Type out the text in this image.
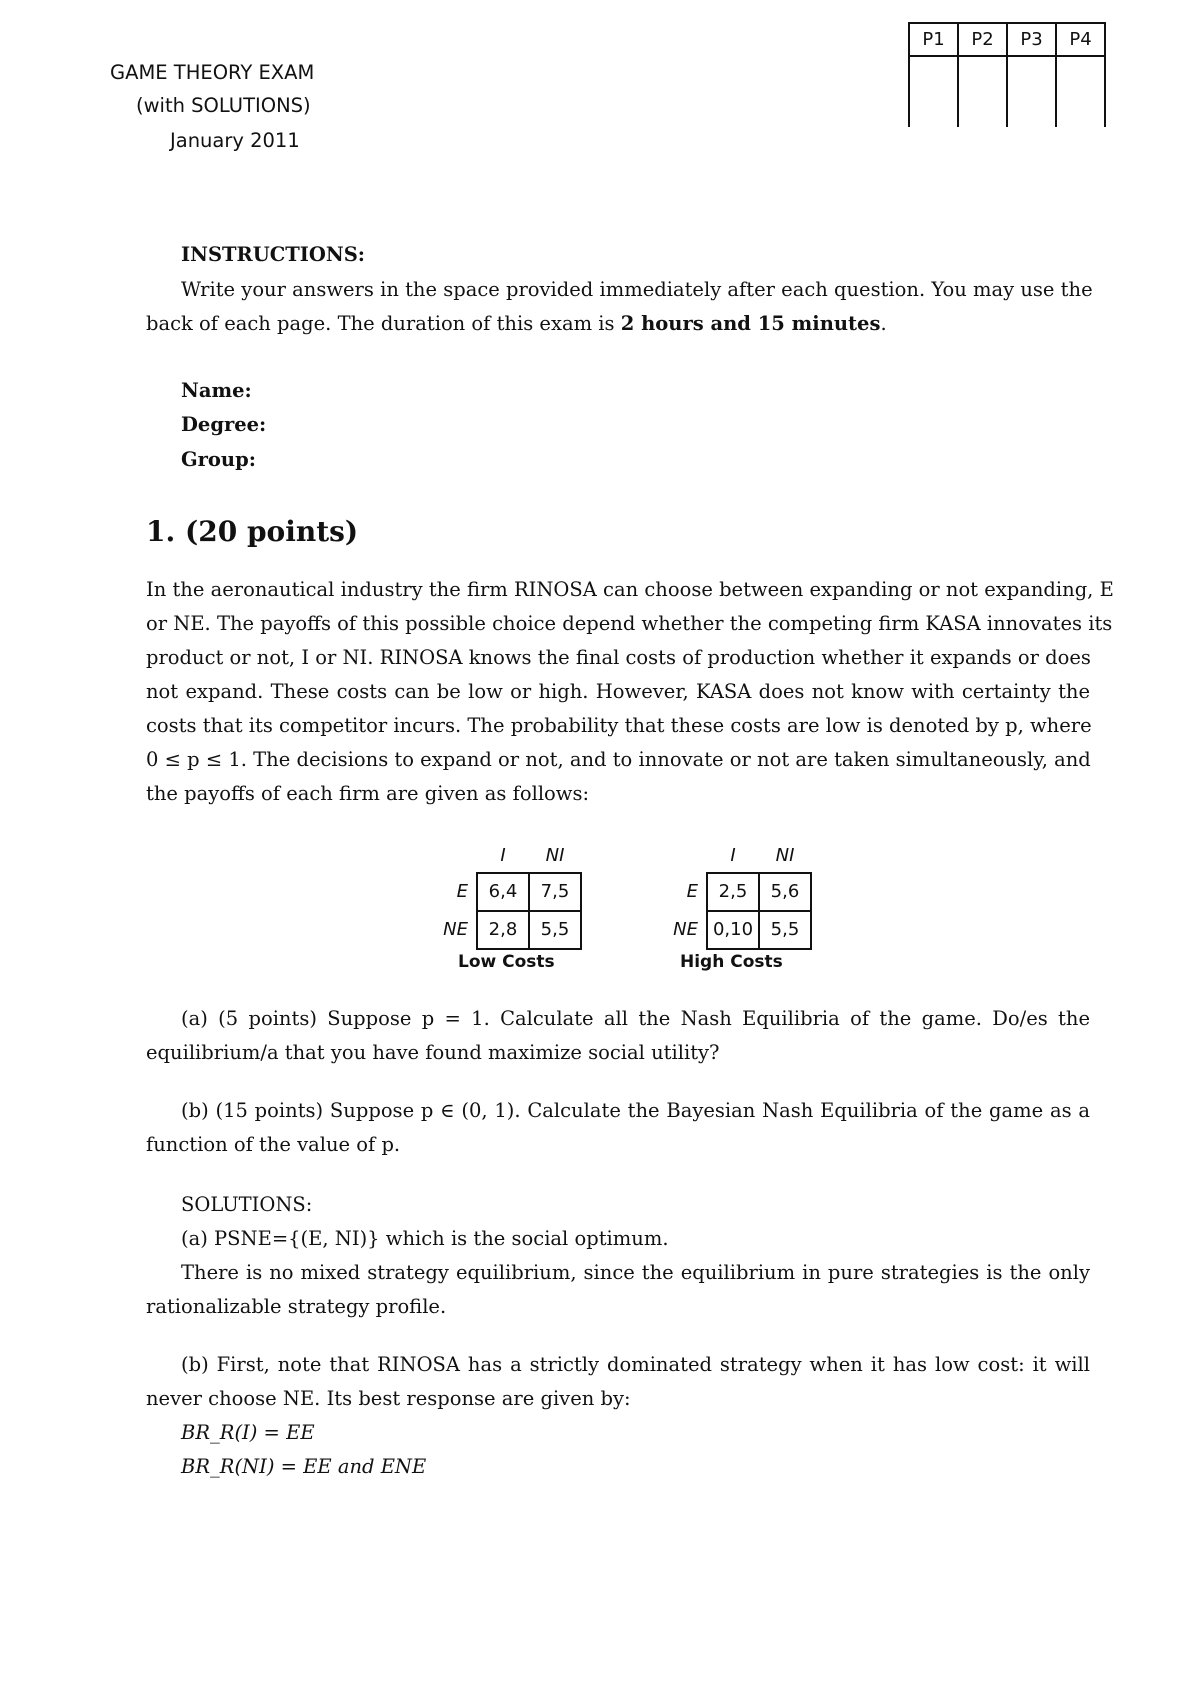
GAME THEORY EXAM
(with SOLUTIONS)
January 2011
P1	P2	P3	P4

INSTRUCTIONS:
Write your answers in the space provided immediately after each question. You may use the
back of each page. The duration of this exam is 2 hours and 15 minutes.
Name:
Degree:
Group:
1. (20 points)
In the aeronautical industry the firm RINOSA can choose between expanding or not expanding, E
or NE. The payoffs of this possible choice depend whether the competing firm KASA innovates its
product or not, I or NI. RINOSA knows the final costs of production whether it expands or does
not expand. These costs can be low or high. However, KASA does not know with certainty the
costs that its competitor incurs. The probability that these costs are low is denoted by p, where
0 ≤ p ≤ 1. The decisions to expand or not, and to innovate or not are taken simultaneously, and
the payoffs of each firm are given as follows:
	I	NI
E	6,4	7,5
NE	2,8	5,5
Low Costs
	I	NI
E	2,5	5,6
NE	0,10	5,5
High Costs
(a) (5 points) Suppose p = 1. Calculate all the Nash Equilibria of the game. Do/es the
equilibrium/a that you have found maximize social utility?
(b) (15 points) Suppose p ∈ (0, 1). Calculate the Bayesian Nash Equilibria of the game as a
function of the value of p.
SOLUTIONS:
(a) PSNE={(E, NI)} which is the social optimum.
There is no mixed strategy equilibrium, since the equilibrium in pure strategies is the only
rationalizable strategy profile.
(b) First, note that RINOSA has a strictly dominated strategy when it has low cost: it will
never choose NE. Its best response are given by:
BR_R(I) = EE
BR_R(NI) = EE and ENE
